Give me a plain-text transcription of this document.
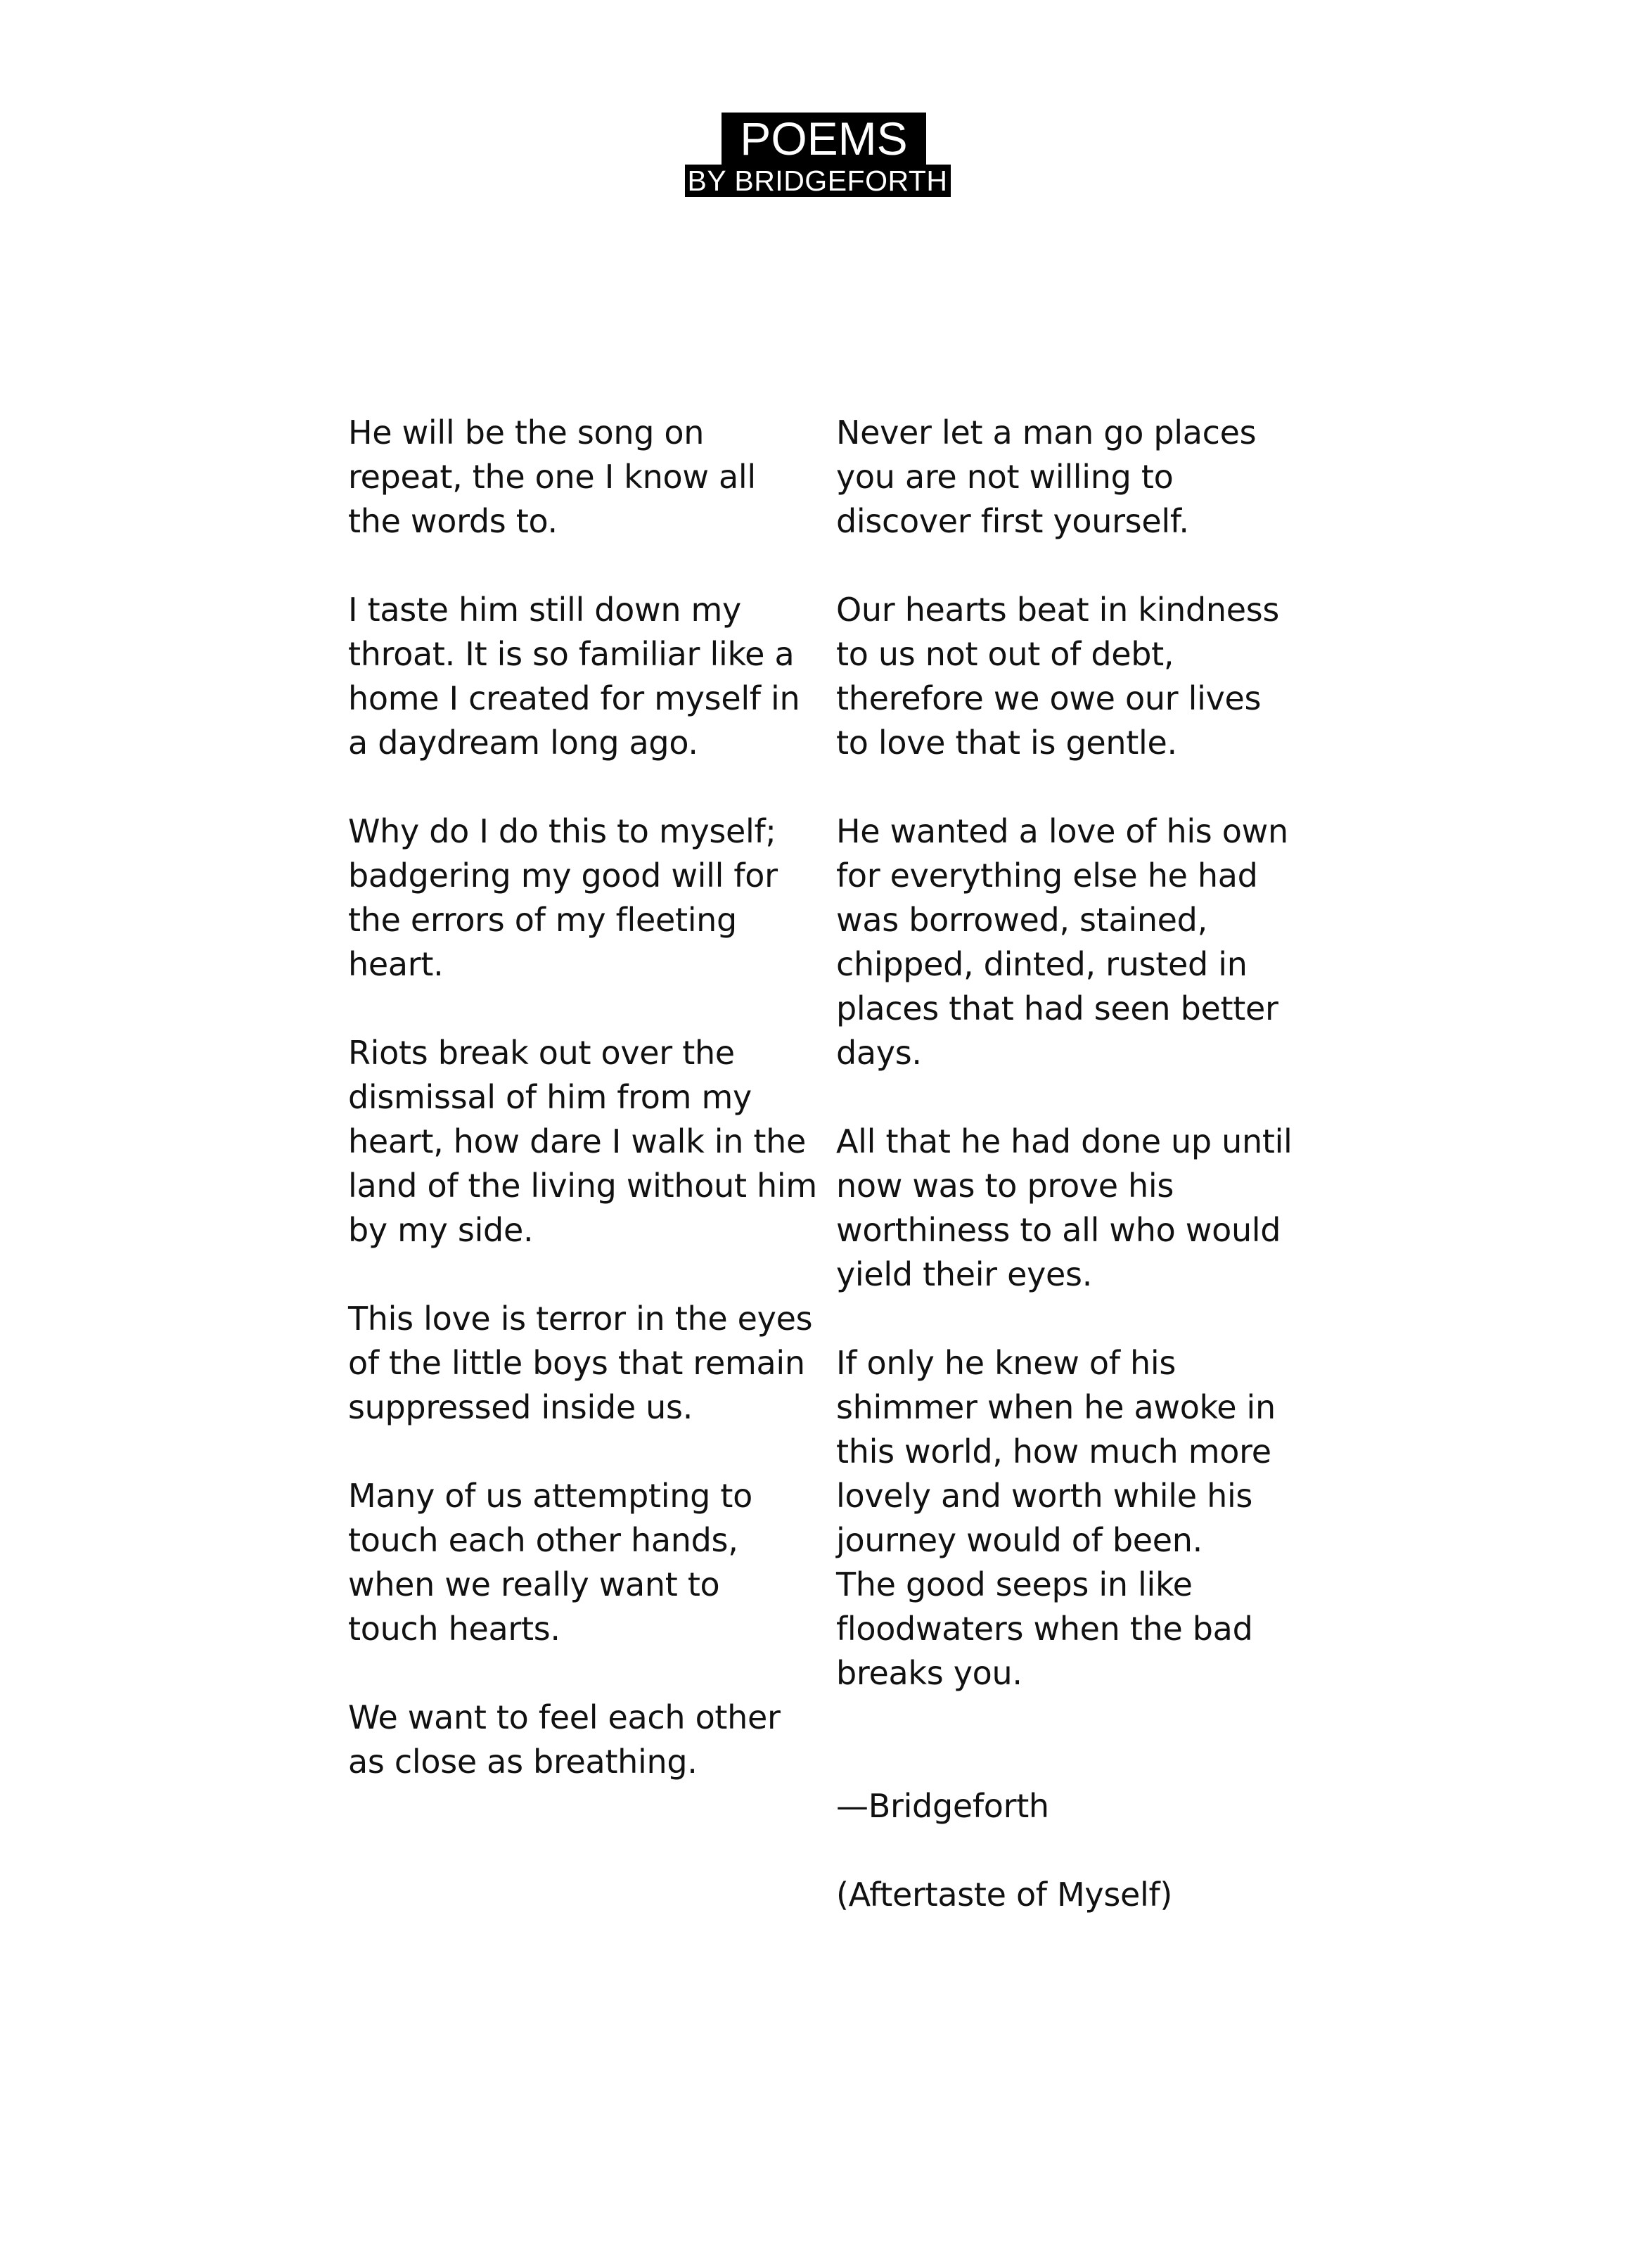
POEMS
BY BRIDGEFORTH

He will be the song on
repeat, the one I know all
the words to.

I taste him still down my
throat. It is so familiar like a
home I created for myself in
a daydream long ago.

Why do I do this to myself;
badgering my good will for
the errors of my fleeting
heart.

Riots break out over the
dismissal of him from my
heart, how dare I walk in the
land of the living without him
by my side.

This love is terror in the eyes
of the little boys that remain
suppressed inside us.

Many of us attempting to
touch each other hands,
when we really want to
touch hearts.

We want to feel each other
as close as breathing.

Never let a man go places
you are not willing to
discover first yourself.

Our hearts beat in kindness
to us not out of debt,
therefore we owe our lives
to love that is gentle.

He wanted a love of his own
for everything else he had
was borrowed, stained,
chipped, dinted, rusted in
places that had seen better
days.

All that he had done up until
now was to prove his
worthiness to all who would
yield their eyes.

If only he knew of his
shimmer when he awoke in
this world, how much more
lovely and worth while his
journey would of been.

The good seeps in like
floodwaters when the bad
breaks you.

—Bridgeforth

(Aftertaste of Myself)
